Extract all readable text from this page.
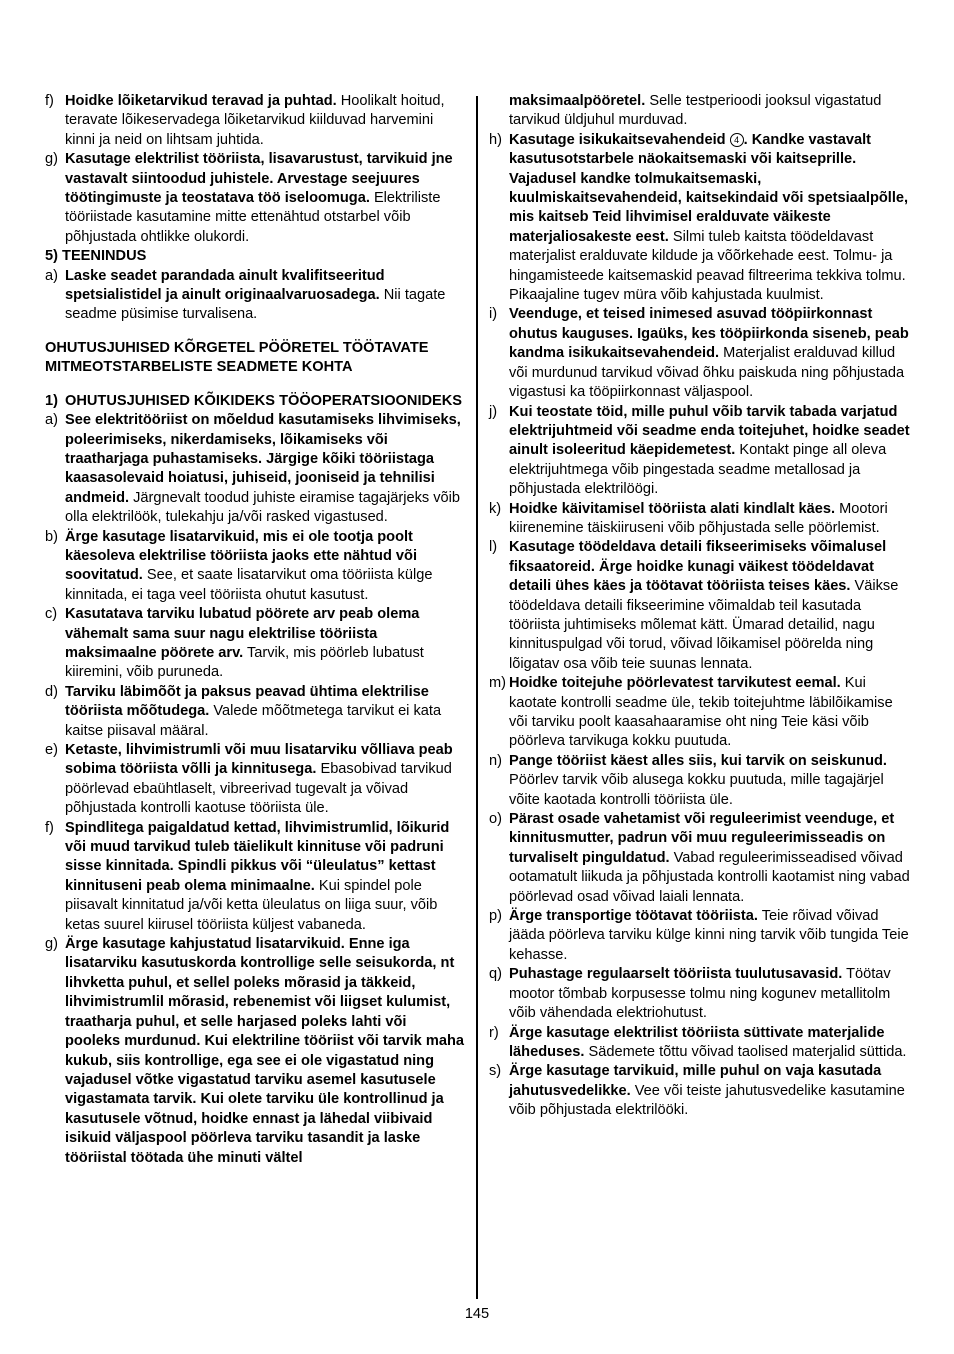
f) Hoidke lõiketarvikud teravad ja puhtad. Hoolikalt hoitud, teravate lõikeservadega lõiketarvikud kiilduvad harvemini kinni ja neid on lihtsam juhtida.
g) Kasutage elektrilist tööriista, lisavarustust, tarvikuid jne vastavalt siintoodud juhistele. Arvestage seejuures töötingimuste ja teostatava töö iseloomuga. Elektriliste tööriistade kasutamine mitte ettenähtud otstarbel võib põhjustada ohtlikke olukordi.
5) TEENINDUS
a) Laske seadet parandada ainult kvalifitseeritud spetsialistidel ja ainult originaalvaruosadega. Nii tagate seadme püsimise turvalisena.
OHUTUSJUHISED KÕRGETEL PÖÖRETEL TÖÖTAVATE MITMEOTSTARBELISTE SEADMETE KOHTA
1) OHUTUSJUHISED KÕIKIDEKS TÖÖOPERATSIOONIDEKS
a) See elektritööriist on mõeldud kasutamiseks lihvimiseks, poleerimiseks, nikerdamiseks, lõikamiseks või traatharjaga puhastamiseks. Järgige kõiki tööriistaga kaasasolevaid hoiatusi, juhiseid, jooniseid ja tehnilisi andmeid. Järgnevalt toodud juhiste eiramise tagajärjeks võib olla elektrilöök, tulekahju ja/või rasked vigastused.
b) Ärge kasutage lisatarvikuid, mis ei ole tootja poolt käesoleva elektrilise tööriista jaoks ette nähtud või soovitatud. See, et saate lisatarvikut oma tööriista külge kinnitada, ei taga veel tööriista ohutut kasutust.
c) Kasutatava tarviku lubatud pöörete arv peab olema vähemalt sama suur nagu elektrilise tööriista maksimaalne pöörete arv. Tarvik, mis pöörleb lubatust kiiremini, võib puruneda.
d) Tarviku läbimõõt ja paksus peavad ühtima elektrilise tööriista mõõtudega. Valede mõõtmetega tarvikut ei kata kaitse piisaval määral.
e) Ketaste, lihvimistrumli või muu lisatarviku võlliava peab sobima tööriista võlli ja kinnitusega. Ebasobivad tarvikud pöörlevad ebaühtlaselt, vibreerivad tugevalt ja võivad põhjustada kontrolli kaotuse tööriista üle.
f) Spindlitega paigaldatud kettad, lihvimistrumlid, lõikurid või muud tarvikud tuleb täielikult kinnituse või padruni sisse kinnitada. Spindli pikkus või “üleulatus” kettast kinnituseni peab olema minimaalne. Kui spindel pole piisavalt kinnitatud ja/või ketta üleulatus on liiga suur, võib ketas suurel kiirusel tööriista küljest vabaneda.
g) Ärge kasutage kahjustatud lisatarvikuid. Enne iga lisatarviku kasutuskorda kontrollige selle seisukorda, nt lihvketta puhul, et sellel poleks mõrasid ja täkkeid, lihvimistrumlil mõrasid, rebenemist või liigset kulumist, traatharja puhul, et selle harjased poleks lahti või pooleks murdunud. Kui elektriline tööriist või tarvik maha kukub, siis kontrollige, ega see ei ole vigastatud ning vajadusel võtke vigastatud tarviku asemel kasutusele vigastamata tarvik. Kui olete tarviku üle kontrollinud ja kasutusele võtnud, hoidke ennast ja lähedal viibivaid isikuid väljaspool pöörleva tarviku tasandit ja laske tööriistal töötada ühe minuti vältel
maksimaalpööretel. Selle testperioodi jooksul vigastatud tarvikud üldjuhul murduvad.
h) Kasutage isikukaitsevahendeid 4 . Kandke vastavalt kasutusotstarbele näokaitsemaski või kaitseprille. Vajadusel kandke tolmukaitsemaski, kuulmiskaitsevahendeid, kaitsekindaid või spetsiaalpõlle, mis kaitseb Teid lihvimisel eralduvate väikeste materjaliosakeste eest. Silmi tuleb kaitsta töödeldavast materjalist eralduvate kildude ja võõrkehade eest. Tolmu- ja hingamisteede kaitsemaskid peavad filtreerima tekkiva tolmu. Pikaajaline tugev müra võib kahjustada kuulmist.
i) Veenduge, et teised inimesed asuvad tööpiirkonnast ohutus kauguses. Igaüks, kes tööpiirkonda siseneb, peab kandma isikukaitsevahendeid. Materjalist eralduvad killud või murdunud tarvikud võivad õhku paiskuda ning põhjustada vigastusi ka tööpiirkonnast väljaspool.
j) Kui teostate töid, mille puhul võib tarvik tabada varjatud elektrijuhtmeid või seadme enda toitejuhet, hoidke seadet ainult isoleeritud käepidemetest. Kontakt pinge all oleva elektrijuhtmega võib pingestada seadme metallosad ja põhjustada elektrilöögi.
k) Hoidke käivitamisel tööriista alati kindlalt käes. Mootori kiirenemine täiskiiruseni võib põhjustada selle pöörlemist.
l) Kasutage töödeldava detaili fikseerimiseks võimalusel fiksaatoreid. Ärge hoidke kunagi väikest töödeldavat detaili ühes käes ja töötavat tööriista teises käes. Väikse töödeldava detaili fikseerimine võimaldab teil kasutada tööriista juhtimiseks mõlemat kätt. Ümarad detailid, nagu kinnituspulgad või torud, võivad lõikamisel pöörelda ning lõigatav osa võib teie suunas lennata.
m) Hoidke toitejuhe pöörlevatest tarvikutest eemal. Kui kaotate kontrolli seadme üle, tekib toitejuhtme läbilõikamise või tarviku poolt kaasahaaramise oht ning Teie käsi võib pöörleva tarvikuga kokku puutuda.
n) Pange tööriist käest alles siis, kui tarvik on seiskunud. Pöörlev tarvik võib alusega kokku puutuda, mille tagajärjel võite kaotada kontrolli tööriista üle.
o) Pärast osade vahetamist või reguleerimist veenduge, et kinnitusmutter, padrun või muu reguleerimisseadis on turvaliselt pinguldatud. Vabad reguleerimisseadised võivad ootamatult liikuda ja põhjustada kontrolli kaotamist ning vabad pöörlevad osad võivad laiali lennata.
p) Ärge transportige töötavat tööriista. Teie rõivad võivad jääda pöörleva tarviku külge kinni ning tarvik võib tungida Teie kehasse.
q) Puhastage regulaarselt tööriista tuulutusavasid. Töötav mootor tõmbab korpusesse tolmu ning kogunev metallitolm võib vähendada elektriohutust.
r) Ärge kasutage elektrilist tööriista süttivate materjalide läheduses. Sädemete tõttu võivad taolised materjalid süttida.
s) Ärge kasutage tarvikuid, mille puhul on vaja kasutada jahutusvedelikke. Vee või teiste jahutusvedelike kasutamine võib põhjustada elektrilööki.
145
